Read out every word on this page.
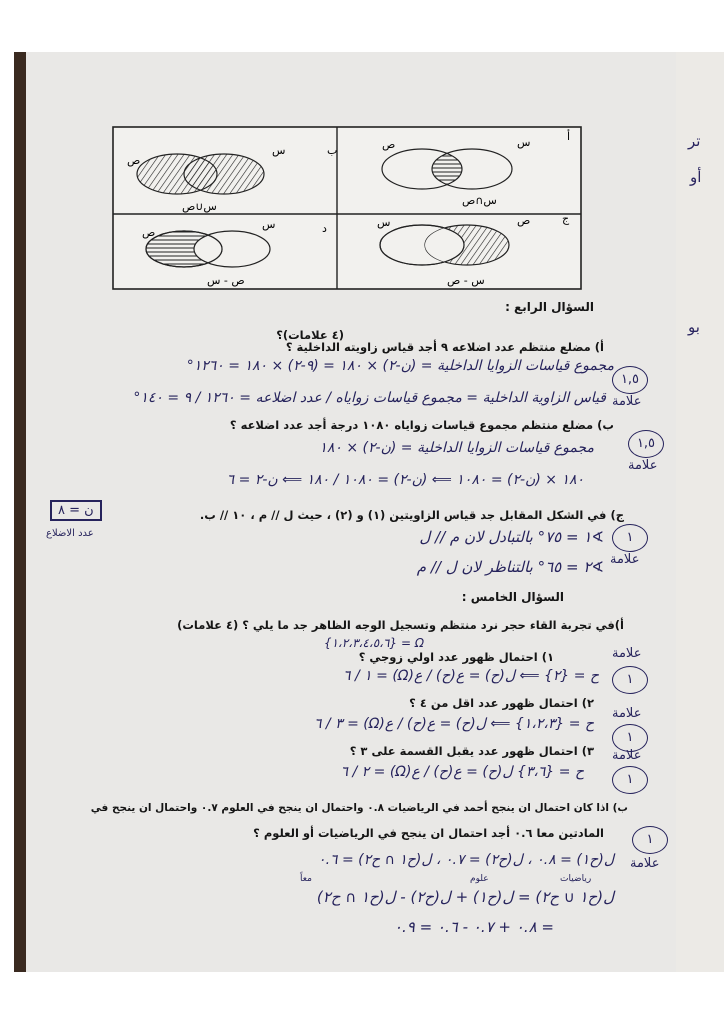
تر
أو
بو
أ
س
ص
س∩ص
ب
س
ص
س∪ص
ج
ص
س
س - ص
د
س
ص
ص - س
السؤال الرابع :
(٤ علامات)؟
أ) مضلع منتظم عدد اضلاعه ٩ أجد قياس زاويته الداخلية ؟
مجموع قياسات الزوايا الداخلية = (ن-٢) × ١٨٠ = (٩-٢) × ١٨٠ = ١٢٦٠°
قياس الزاوية الداخلية = مجموع قياسات زواياه / عدد اضلاعه = ١٢٦٠ / ٩ = ١٤٠°
١,٥
علامة
ب) مضلع منتظم مجموع قياسات زواياه ١٠٨٠ درجة أجد عدد اضلاعه ؟
مجموع قياسات الزوايا الداخلية = (ن-٢) × ١٨٠
١٨٠ × (ن-٢) = ١٠٨٠ ⟸ (ن-٢) = ١٠٨٠ / ١٨٠ ⟸ ن-٢ = ٦
ن = ٨
عدد الاضلاع
١,٥
علامة
ج) في الشكل المقابل جد قياس الزاويتين (١) و (٢) ، حيث ل // م ، ١٠ // ب.
∢١ = ٧٥° بالتبادل لان م // ل
∢٢ = ٦٥° بالتناظر لان ل // م
١
علامة
السؤال الخامس :
أ)في تجربة القاء حجر نرد منتظم وتسجيل الوجه الظاهر جد ما يلي ؟ (٤ علامات)
Ω = {١،٢،٣،٤،٥،٦}
١) احتمال ظهور عدد اولي زوجي ؟
ح = {٢} ⟸ ل(ح) = ع(ح) / ع(Ω) = ١ / ٦
علامة
١
٢) احتمال ظهور عدد اقل من ٤ ؟
ح = {١،٢،٣} ⟸ ل(ح) = ع(ح) / ع(Ω) = ٣ / ٦
علامة
١
٣) احتمال ظهور عدد يقبل القسمة على ٣ ؟
ح = {٣،٦} ل(ح) = ع(ح) / ع(Ω) = ٢ / ٦
علامة
١
ب) اذا كان احتمال ان ينجح أحمد في الرياضيات ٠.٨ واحتمال ان ينجح في العلوم ٠.٧ واحتمال ان ينجح في
المادتين معا ٠.٦ أجد احتمال ان ينجح في الرياضيات أو العلوم ؟
ل(ح١) = ٠.٨ ، ل(ح٢) = ٠.٧ ، ل(ح١ ∩ ح٢) = ٠.٦
رياضيات
علوم
معاً
ل(ح١ ∪ ح٢) = ل(ح١) + ل(ح٢) - ل(ح١ ∩ ح٢)
= ٠.٨ + ٠.٧ - ٠.٦ = ٠.٩
١
علامة
